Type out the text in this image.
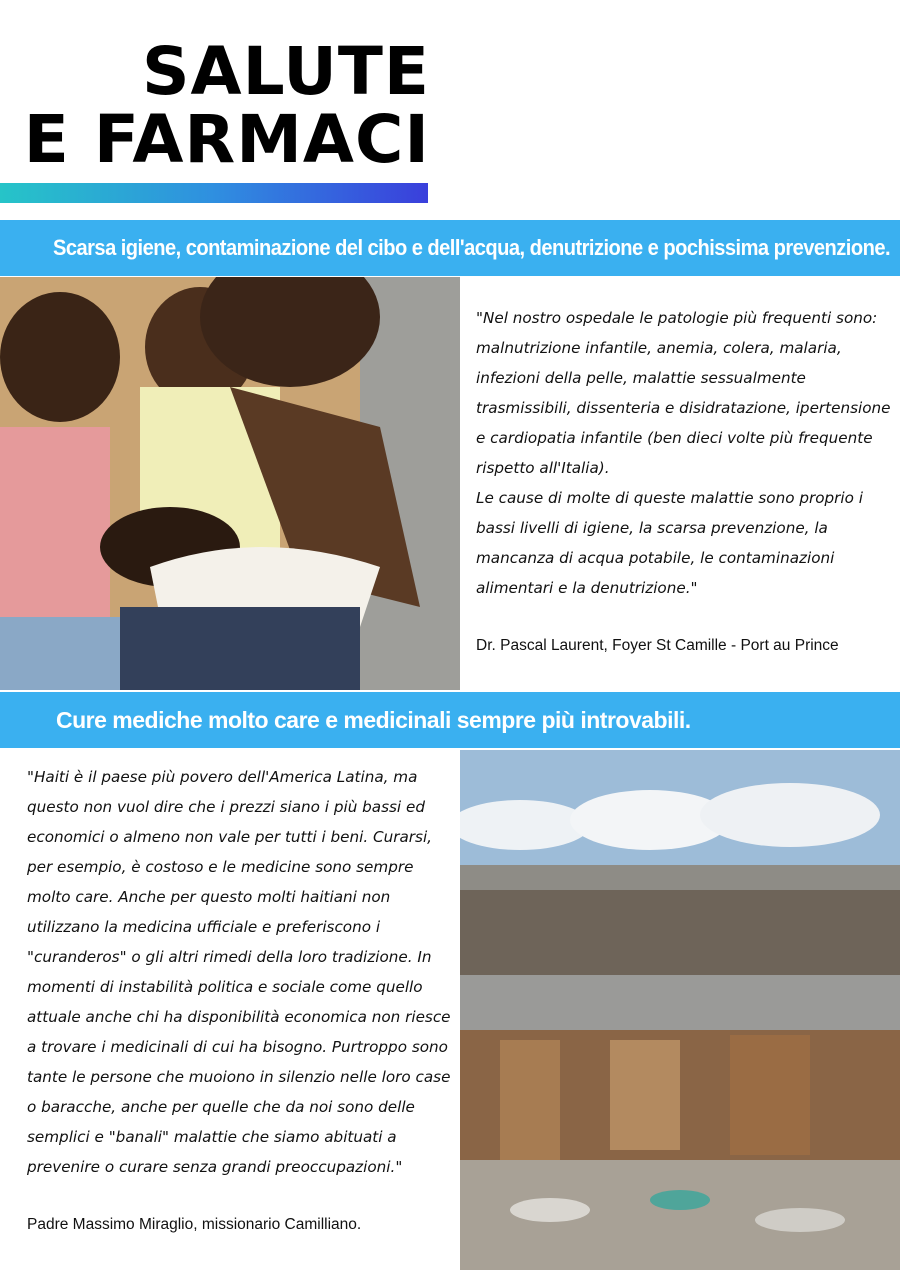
SALUTE
E FARMACI
Scarsa igiene, contaminazione del cibo e dell'acqua, denutrizione e pochissima prevenzione.

"Nel nostro ospedale le patologie più frequenti sono: malnutrizione infantile, anemia, colera, malaria, infezioni della pelle, malattie sessualmente trasmissibili, dissenteria e disidratazione, ipertensione e cardiopatia infantile (ben dieci volte più frequente rispetto all'Italia).

Le cause di molte di queste malattie sono proprio i bassi livelli di igiene, la scarsa prevenzione, la mancanza di acqua potabile, le contaminazioni alimentari e la denutrizione."

Dr. Pascal Laurent, Foyer St Camille - Port au Prince

Cure mediche molto care e medicinali sempre più introvabili.

"Haiti è il paese più povero dell'America Latina, ma questo non vuol dire che i prezzi siano i più bassi ed economici o almeno non vale per tutti i beni. Curarsi, per esempio, è costoso e le medicine sono sempre molto care. Anche per questo molti haitiani non utilizzano la medicina ufficiale e preferiscono i "curanderos" o gli altri rimedi della loro tradizione. In momenti di instabilità politica e sociale come quello attuale anche chi ha disponibilità economica non riesce a trovare i medicinali di cui ha bisogno. Purtroppo sono tante le persone che muoiono in silenzio nelle loro case o baracche, anche per quelle che da noi sono delle semplici e "banali" malattie che siamo abituati a prevenire o curare senza grandi preoccupazioni."

Padre Massimo Miraglio, missionario Camilliano.
